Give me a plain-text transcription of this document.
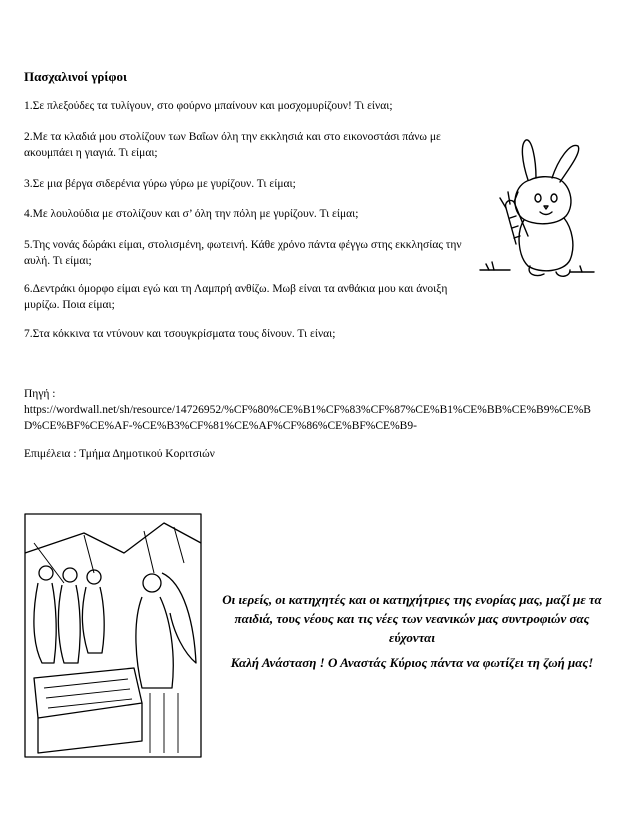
Πασχαλινοί γρίφοι
1.Σε πλεξούδες τα τυλίγουν, στο φούρνο μπαίνουν και μοσχομυρίζουν! Τι είναι;
2.Με τα κλαδιά μου στολίζουν των Βαΐων όλη την εκκλησιά και στο εικονοστάσι πάνω με ακουμπάει η γιαγιά. Τι είμαι;
3.Σε μια βέργα σιδερένια γύρω γύρω με γυρίζουν. Τι είμαι;
4.Με λουλούδια με στολίζουν και σ’ όλη την πόλη με γυρίζουν. Τι είμαι;
5.Της νονάς δώράκι είμαι, στολισμένη, φωτεινή. Κάθε χρόνο πάντα φέγγω στης εκκλησίας την αυλή. Τι είμαι;
6.Δεντράκι όμορφο είμαι εγώ και τη Λαμπρή ανθίζω. Μωβ είναι τα ανθάκια μου και άνοιξη μυρίζω. Ποια είμαι;
7.Στα κόκκινα τα ντύνουν και τσουγκρίσματα τους δίνουν. Τι είναι;
Πηγή :
https://wordwall.net/sh/resource/14726952/%CF%80%CE%B1%CF%83%CF%87%CE%B1%CE%BB%CE%B9%CE%BD%CE%BF%CE%AF-%CE%B3%CF%81%CE%AF%CF%86%CE%BF%CE%B9-
Επιμέλεια : Τμήμα Δημοτικού Κοριτσιών

Οι ιερείς, οι κατηχητές και οι κατηχήτριες της ενορίας μας, μαζί με τα παιδιά, τους νέους και τις νέες των νεανικών μας συντροφιών σας εύχονται

Καλή Ανάσταση ! Ο Αναστάς Κύριος πάντα να φωτίζει τη ζωή μας!
